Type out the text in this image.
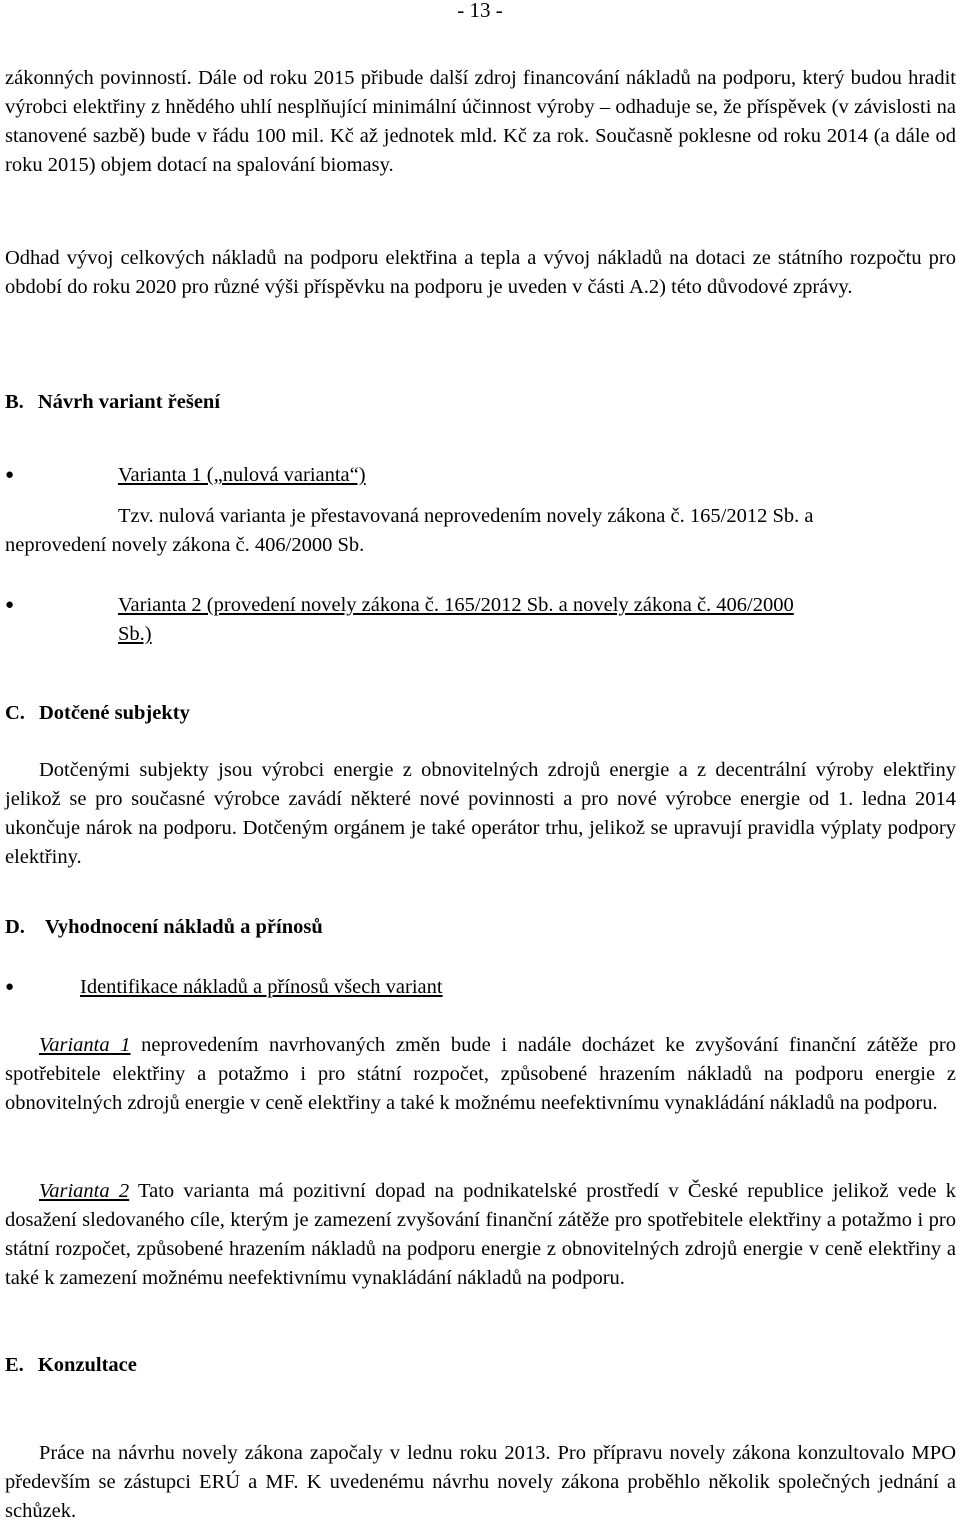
- 13 -

zákonných povinností. Dále od roku 2015 přibude další zdroj financování nákladů na podporu, který budou hradit výrobci elektřiny z hnědého uhlí nesplňující minimální účinnost výroby – odhaduje se, že příspěvek (v závislosti na stanovené sazbě) bude v řádu 100 mil. Kč až jednotek mld. Kč za rok. Současně poklesne od roku 2014 (a dále od roku 2015) objem dotací na spalování biomasy.

Odhad vývoj celkových nákladů na podporu elektřina a tepla a vývoj nákladů na dotaci ze státního rozpočtu pro období do roku 2020 pro různé výši příspěvku na podporu je uveden v části A.2) této důvodové zprávy.

B. Návrh variant řešení
●	Varianta 1 („nulová varianta“)
Tzv. nulová varianta je přestavovaná neprovedením novely zákona č. 165/2012 Sb. a
neprovedení novely zákona č. 406/2000 Sb.
●	Varianta 2 (provedení novely zákona č. 165/2012 Sb. a novely zákona č. 406/2000
Sb.)
C. Dotčené subjekty

Dotčenými subjekty jsou výrobci energie z obnovitelných zdrojů energie a z decentrální výroby elektřiny jelikož se pro současné výrobce zavádí některé nové povinnosti a pro nové výrobce energie od 1. ledna 2014 ukončuje nárok na podporu. Dotčeným orgánem je také operátor trhu, jelikož se upravují pravidla výplaty podpory elektřiny.

D. Vyhodnocení nákladů a přínosů
●	Identifikace nákladů a přínosů všech variant

Varianta 1 neprovedením navrhovaných změn bude i nadále docházet ke zvyšování finanční zátěže pro spotřebitele elektřiny a potažmo i pro státní rozpočet, způsobené hrazením nákladů na podporu energie z obnovitelných zdrojů energie v ceně elektřiny a také k možnému neefektivnímu vynakládání nákladů na podporu.

Varianta 2 Tato varianta má pozitivní dopad na podnikatelské prostředí v České republice jelikož vede k dosažení sledovaného cíle, kterým je zamezení zvyšování finanční zátěže pro spotřebitele elektřiny a potažmo i pro státní rozpočet, způsobené hrazením nákladů na podporu energie z obnovitelných zdrojů energie v ceně elektřiny a také k zamezení možnému neefektivnímu vynakládání nákladů na podporu.

E. Konzultace

Práce na návrhu novely zákona započaly v lednu roku 2013. Pro přípravu novely zákona konzultovalo MPO především se zástupci ERÚ a MF. K uvedenému návrhu novely zákona proběhlo několik společných jednání a schůzek.
